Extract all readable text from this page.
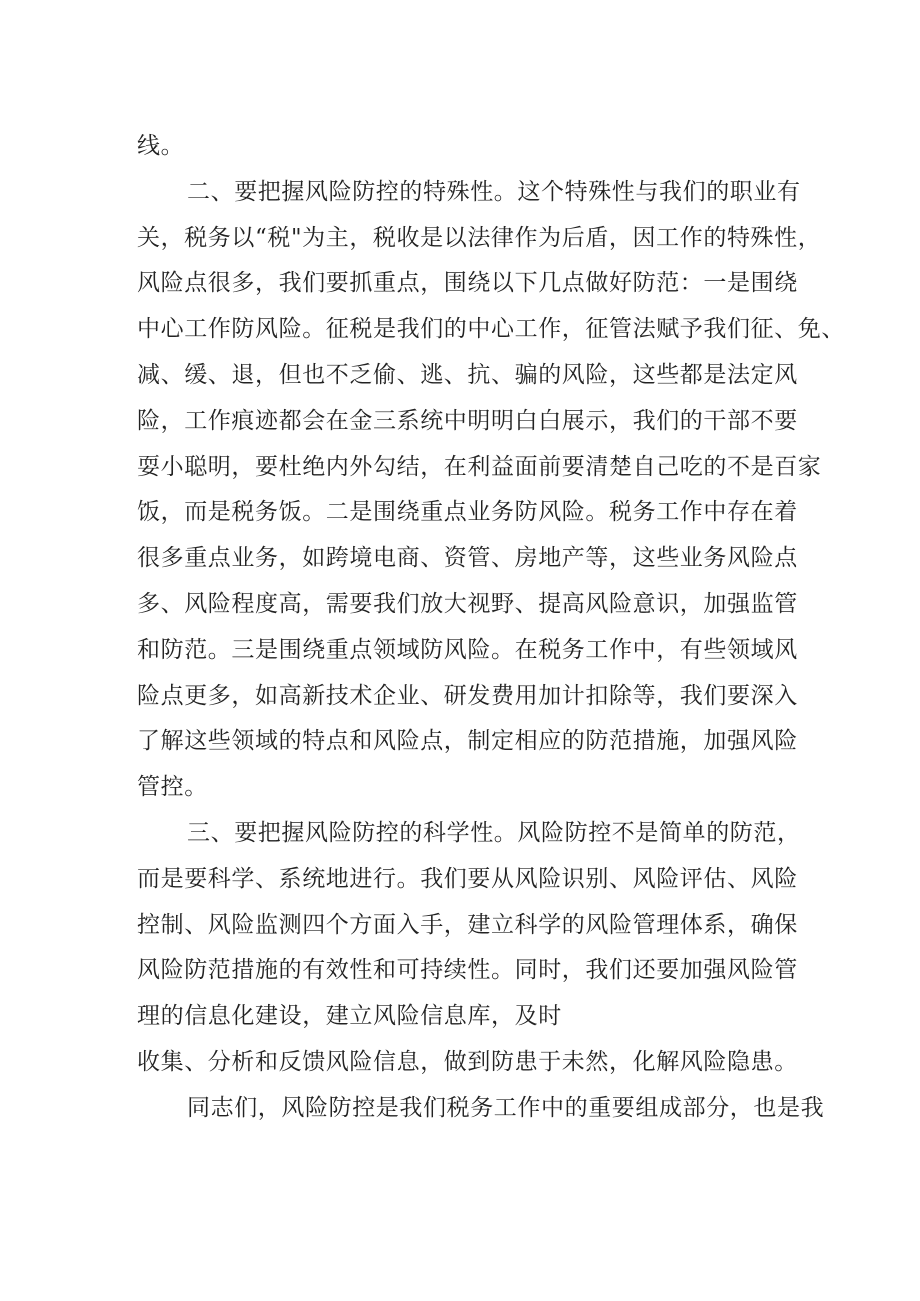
线。
二、要把握风险防控的特殊性。这个特殊性与我们的职业有
关，税务以“税"为主，税收是以法律作为后盾，因工作的特殊性，
风险点很多，我们要抓重点，围绕以下几点做好防范：一是围绕
中心工作防风险。征税是我们的中心工作，征管法赋予我们征、免、
减、缓、退，但也不乏偷、逃、抗、骗的风险，这些都是法定风
险，工作痕迹都会在金三系统中明明白白展示，我们的干部不要
耍小聪明，要杜绝内外勾结，在利益面前要清楚自己吃的不是百家
饭，而是税务饭。二是围绕重点业务防风险。税务工作中存在着
很多重点业务，如跨境电商、资管、房地产等，这些业务风险点
多、风险程度高，需要我们放大视野、提高风险意识，加强监管
和防范。三是围绕重点领域防风险。在税务工作中，有些领域风
险点更多，如高新技术企业、研发费用加计扣除等，我们要深入
了解这些领域的特点和风险点，制定相应的防范措施，加强风险
管控。
三、要把握风险防控的科学性。风险防控不是简单的防范，
而是要科学、系统地进行。我们要从风险识别、风险评估、风险
控制、风险监测四个方面入手，建立科学的风险管理体系，确保
风险防范措施的有效性和可持续性。同时，我们还要加强风险管
理的信息化建设，建立风险信息库，及时
收集、分析和反馈风险信息，做到防患于未然，化解风险隐患。
同志们，风险防控是我们税务工作中的重要组成部分，也是我
